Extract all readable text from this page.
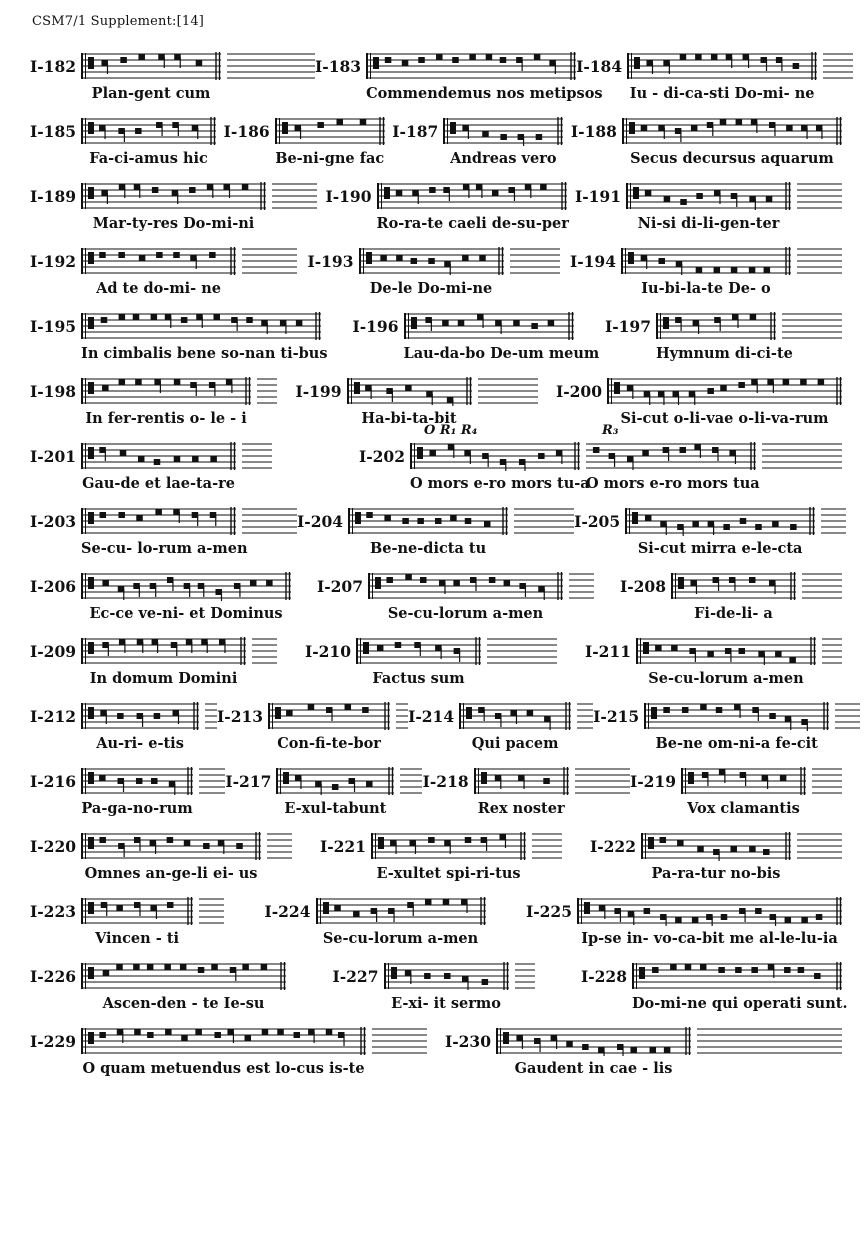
CSM7/1 Supplement:[14]
I-182
Plan-gent cum
I-183
Commendemus nos metipsos
I-184
Iu - di-ca-sti Do-mi- ne
I-185
Fa-ci-amus hic
I-186
Be-ni-gne fac
I-187
Andreas vero
I-188
Secus decursus aquarum
I-189
Mar-ty-res Do-mi-ni
I-190
Ro-ra-te caeli de-su-per
I-191
Ni-si di-li-gen-ter
I-192
Ad te do-mi- ne
I-193
De-le Do-mi-ne
I-194
Iu-bi-la-te De- o
I-195
In cimbalis bene so-nan ti-bus
I-196
Lau-da-bo De-um meum
I-197
Hymnum di-ci-te
I-198
In fer-rentis o- le - i
I-199
Ha-bi-ta-bit
I-200
Si-cut o-li-vae o-li-va-rum
I-201
Gau-de et lae-ta-re
I-202
O R₁ R₄	R₃
O mors e-ro mors tu-a
O mors e-ro mors tua
I-203
Se-cu- lo-rum a-men
I-204
Be-ne-dicta tu
I-205
Si-cut mirra e-le-cta
I-206
Ec-ce ve-ni- et Dominus
I-207
Se-cu-lorum a-men
I-208
Fi-de-li- a
I-209
In domum Domini
I-210
Factus sum
I-211
Se-cu-lorum a-men
I-212
Au-ri- e-tis
I-213
Con-fi-te-bor
I-214
Qui pacem
I-215
Be-ne om-ni-a fe-cit
I-216
Pa-ga-no-rum
I-217
E-xul-tabunt
I-218
Rex noster
I-219
Vox clamantis
I-220
Omnes an-ge-li ei- us
I-221
E-xultet spi-ri-tus
I-222
Pa-ra-tur no-bis
I-223
Vincen - ti
I-224
Se-cu-lorum a-men
I-225
Ip-se in- vo-ca-bit me al-le-lu-ia
I-226
Ascen-den - te Ie-su
I-227
E-xi- it sermo
I-228
Do-mi-ne qui operati sunt.
I-229
O quam metuendus est lo-cus is-te
I-230
Gaudent in cae - lis
